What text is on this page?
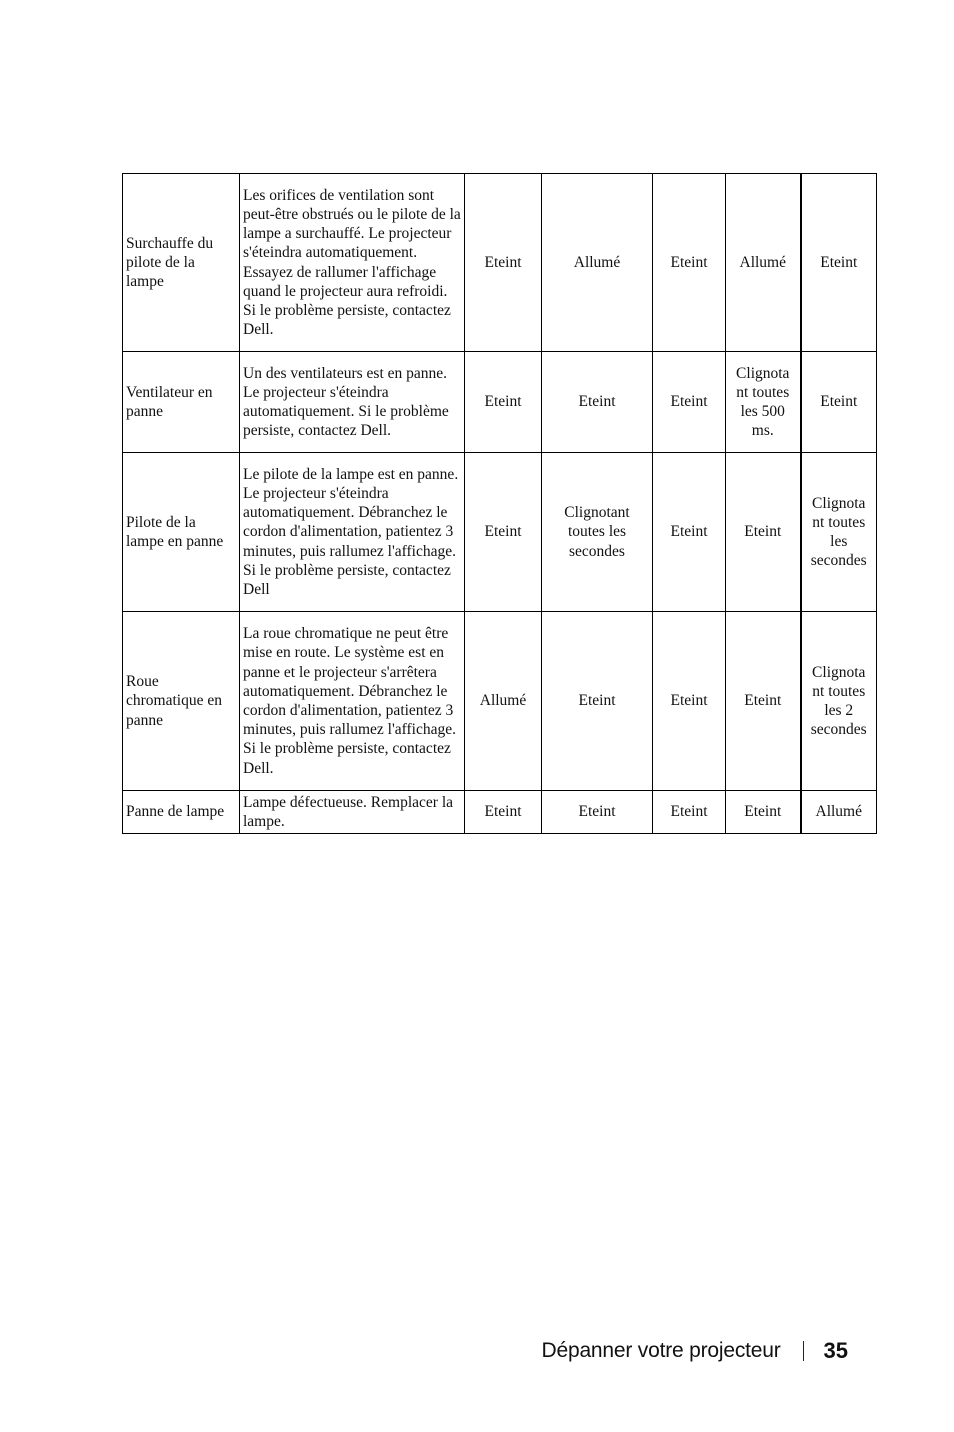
Surchauffe du pilote de la lampe	Les orifices de ventilation sont peut-être obstrués ou le pilote de la lampe a surchauffé. Le projecteur s'éteindra automatiquement. Essayez de rallumer l'affichage quand le projecteur aura refroidi. Si le problème persiste, contactez Dell.	Eteint	Allumé	Eteint	Allumé	Eteint
Ventilateur en panne	Un des ventilateurs est en panne. Le projecteur s'éteindra automatiquement. Si le problème persiste, contactez Dell.	Eteint	Eteint	Eteint	Clignota nt toutes les 500 ms.	Eteint
Pilote de la lampe en panne	Le pilote de la lampe est en panne. Le projecteur s'éteindra automatiquement. Débranchez le cordon d'alimentation, patientez 3 minutes, puis rallumez l'affichage. Si le problème persiste, contactez Dell	Eteint	Clignotant toutes les secondes	Eteint	Eteint	Clignota nt toutes les secondes
Roue chromatique en panne	La roue chromatique ne peut être mise en route. Le système est en panne et le projecteur s'arrêtera automatiquement. Débranchez le cordon d'alimentation, patientez 3 minutes, puis rallumez l'affichage. Si le problème persiste, contactez Dell.	Allumé	Eteint	Eteint	Eteint	Clignota nt toutes les 2 secondes
Panne de lampe	Lampe défectueuse. Remplacer la lampe.	Eteint	Eteint	Eteint	Eteint	Allumé
Dépanner votre projecteur 35
